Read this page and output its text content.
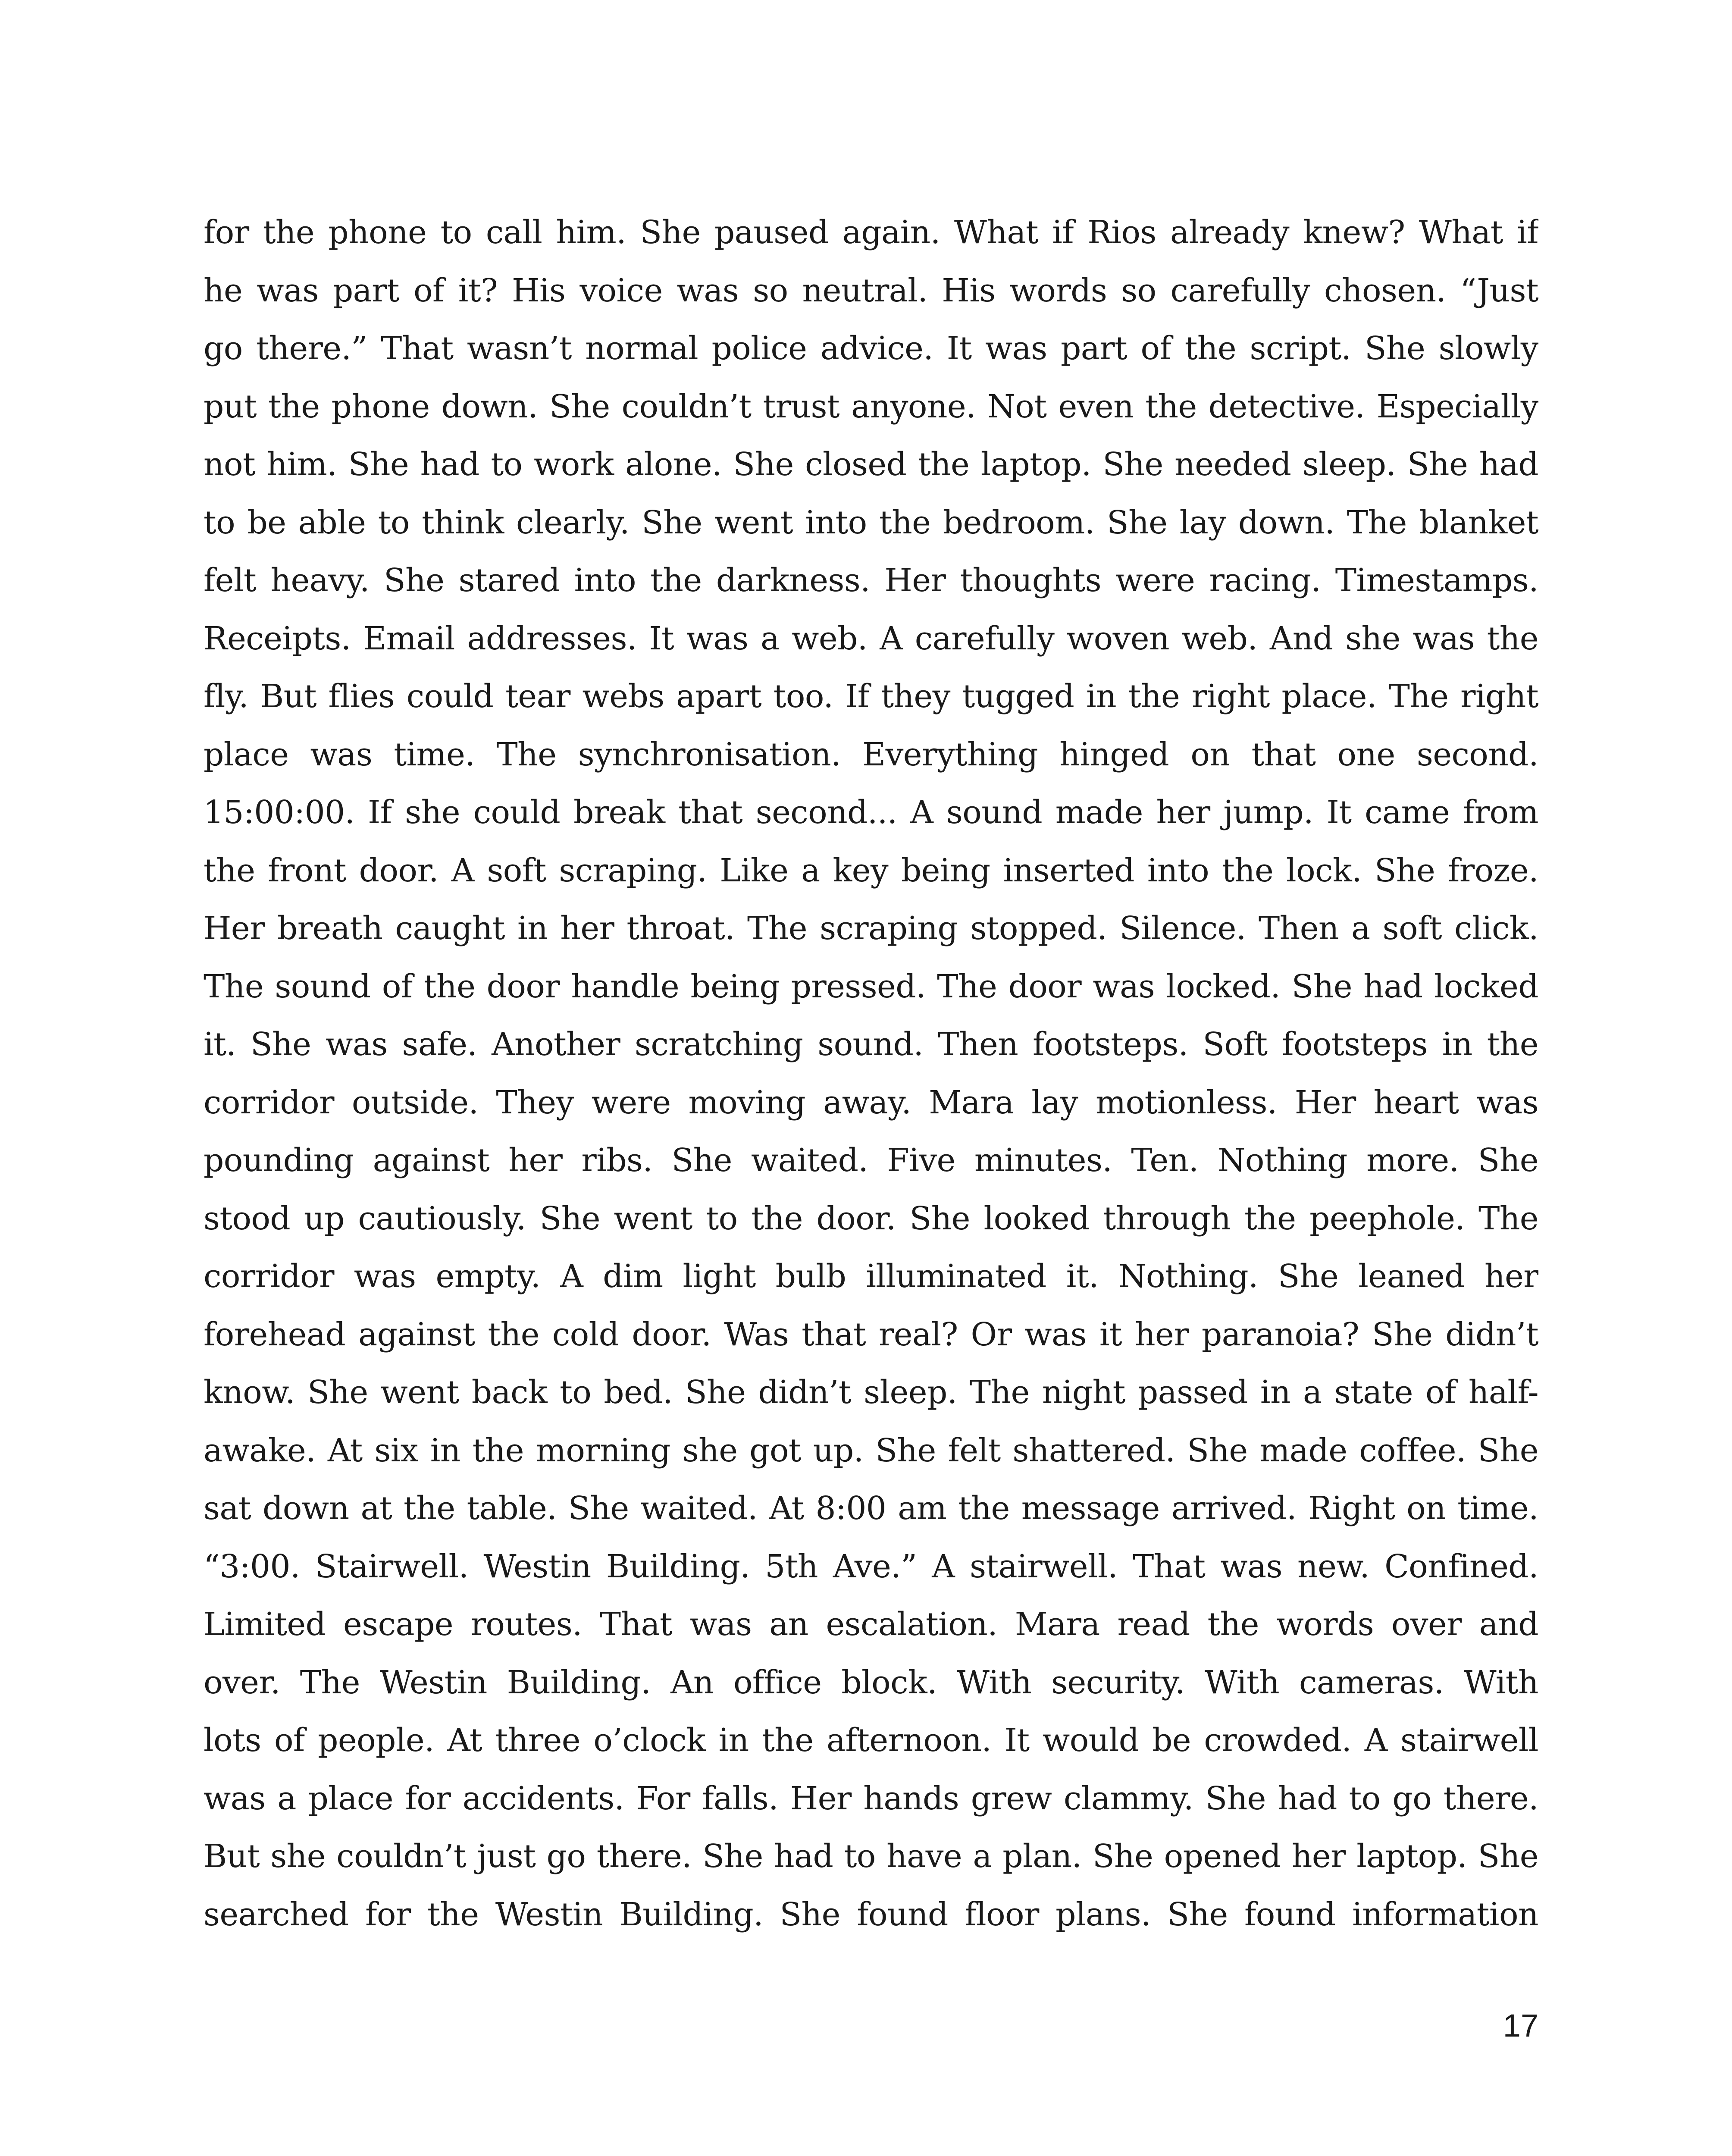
for the phone to call him. She paused again. What if Rios already knew? What if
he was part of it? His voice was so neutral. His words so carefully chosen. “Just
go there.” That wasn’t normal police advice. It was part of the script. She slowly
put the phone down. She couldn’t trust anyone. Not even the detective. Especially
not him. She had to work alone. She closed the laptop. She needed sleep. She had
to be able to think clearly. She went into the bedroom. She lay down. The blanket
felt heavy. She stared into the darkness. Her thoughts were racing. Timestamps.
Receipts. Email addresses. It was a web. A carefully woven web. And she was the
fly. But flies could tear webs apart too. If they tugged in the right place. The right
place was time. The synchronisation. Everything hinged on that one second.
15:00:00. If she could break that second... A sound made her jump. It came from
the front door. A soft scraping. Like a key being inserted into the lock. She froze.
Her breath caught in her throat. The scraping stopped. Silence. Then a soft click.
The sound of the door handle being pressed. The door was locked. She had locked
it. She was safe. Another scratching sound. Then footsteps. Soft footsteps in the
corridor outside. They were moving away. Mara lay motionless. Her heart was
pounding against her ribs. She waited. Five minutes. Ten. Nothing more. She
stood up cautiously. She went to the door. She looked through the peephole. The
corridor was empty. A dim light bulb illuminated it. Nothing. She leaned her
forehead against the cold door. Was that real? Or was it her paranoia? She didn’t
know. She went back to bed. She didn’t sleep. The night passed in a state of half-
awake. At six in the morning she got up. She felt shattered. She made coffee. She
sat down at the table. She waited. At 8:00 am the message arrived. Right on time.
“3:00. Stairwell. Westin Building. 5th Ave.” A stairwell. That was new. Confined.
Limited escape routes. That was an escalation. Mara read the words over and
over. The Westin Building. An office block. With security. With cameras. With
lots of people. At three o’clock in the afternoon. It would be crowded. A stairwell
was a place for accidents. For falls. Her hands grew clammy. She had to go there.
But she couldn’t just go there. She had to have a plan. She opened her laptop. She
searched for the Westin Building. She found floor plans. She found information
17
